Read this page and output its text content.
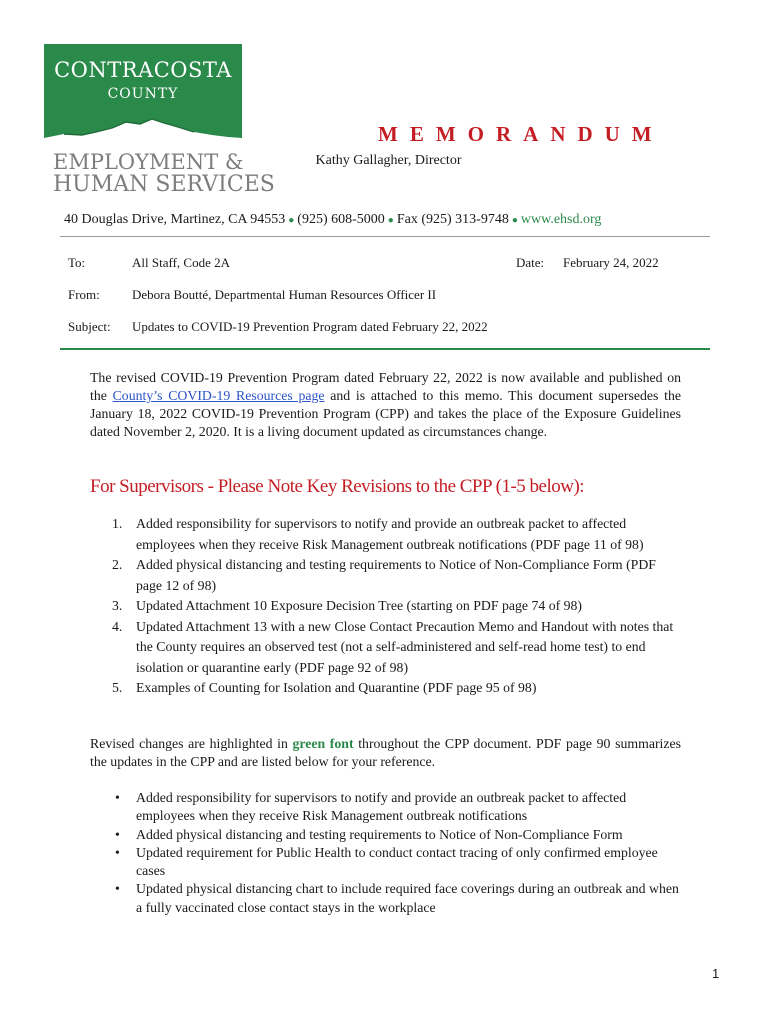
CONTRACOSTA
COUNTY
EMPLOYMENT &
HUMAN SERVICES
MEMORANDUM
Kathy Gallagher, Director
40 Douglas Drive, Martinez, CA 94553 ● (925) 608-5000 ● Fax (925) 313-9748 ● www.ehsd.org
To:	All Staff, Code 2A	Date: February 24, 2022
From: Debora Boutté, Departmental Human Resources Officer II
Subject: Updates to COVID-19 Prevention Program dated February 22, 2022
The revised COVID-19 Prevention Program dated February 22, 2022 is now available and published on the County’s COVID-19 Resources page and is attached to this memo. This document supersedes the January 18, 2022 COVID-19 Prevention Program (CPP) and takes the place of the Exposure Guidelines dated November 2, 2020. It is a living document updated as circumstances change.
For Supervisors - Please Note Key Revisions to the CPP (1-5 below):
1. Added responsibility for supervisors to notify and provide an outbreak packet to affected employees when they receive Risk Management outbreak notifications (PDF page 11 of 98)
2. Added physical distancing and testing requirements to Notice of Non-Compliance Form (PDF page 12 of 98)
3. Updated Attachment 10 Exposure Decision Tree (starting on PDF page 74 of 98)
4. Updated Attachment 13 with a new Close Contact Precaution Memo and Handout with notes that the County requires an observed test (not a self-administered and self-read home test) to end isolation or quarantine early (PDF page 92 of 98)
5. Examples of Counting for Isolation and Quarantine (PDF page 95 of 98)
Revised changes are highlighted in green font throughout the CPP document. PDF page 90 summarizes the updates in the CPP and are listed below for your reference.
• Added responsibility for supervisors to notify and provide an outbreak packet to affected employees when they receive Risk Management outbreak notifications
• Added physical distancing and testing requirements to Notice of Non-Compliance Form
• Updated requirement for Public Health to conduct contact tracing of only confirmed employee cases
• Updated physical distancing chart to include required face coverings during an outbreak and when a fully vaccinated close contact stays in the workplace
1
